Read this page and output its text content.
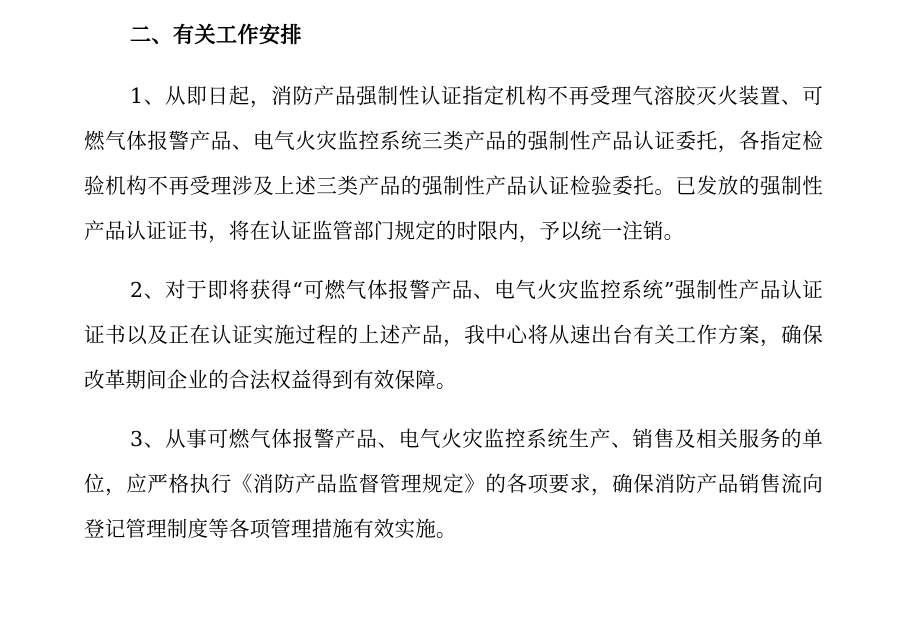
二、有关工作安排

1、从即日起，消防产品强制性认证指定机构不再受理气溶胶灭火装置、可燃气体报警产品、电气火灾监控系统三类产品的强制性产品认证委托，各指定检验机构不再受理涉及上述三类产品的强制性产品认证检验委托。已发放的强制性产品认证证书，将在认证监管部门规定的时限内，予以统一注销。

2、对于即将获得“可燃气体报警产品、电气火灾监控系统”强制性产品认证证书以及正在认证实施过程的上述产品，我中心将从速出台有关工作方案，确保改革期间企业的合法权益得到有效保障。

3、从事可燃气体报警产品、电气火灾监控系统生产、销售及相关服务的单位，应严格执行《消防产品监督管理规定》的各项要求，确保消防产品销售流向登记管理制度等各项管理措施有效实施。
